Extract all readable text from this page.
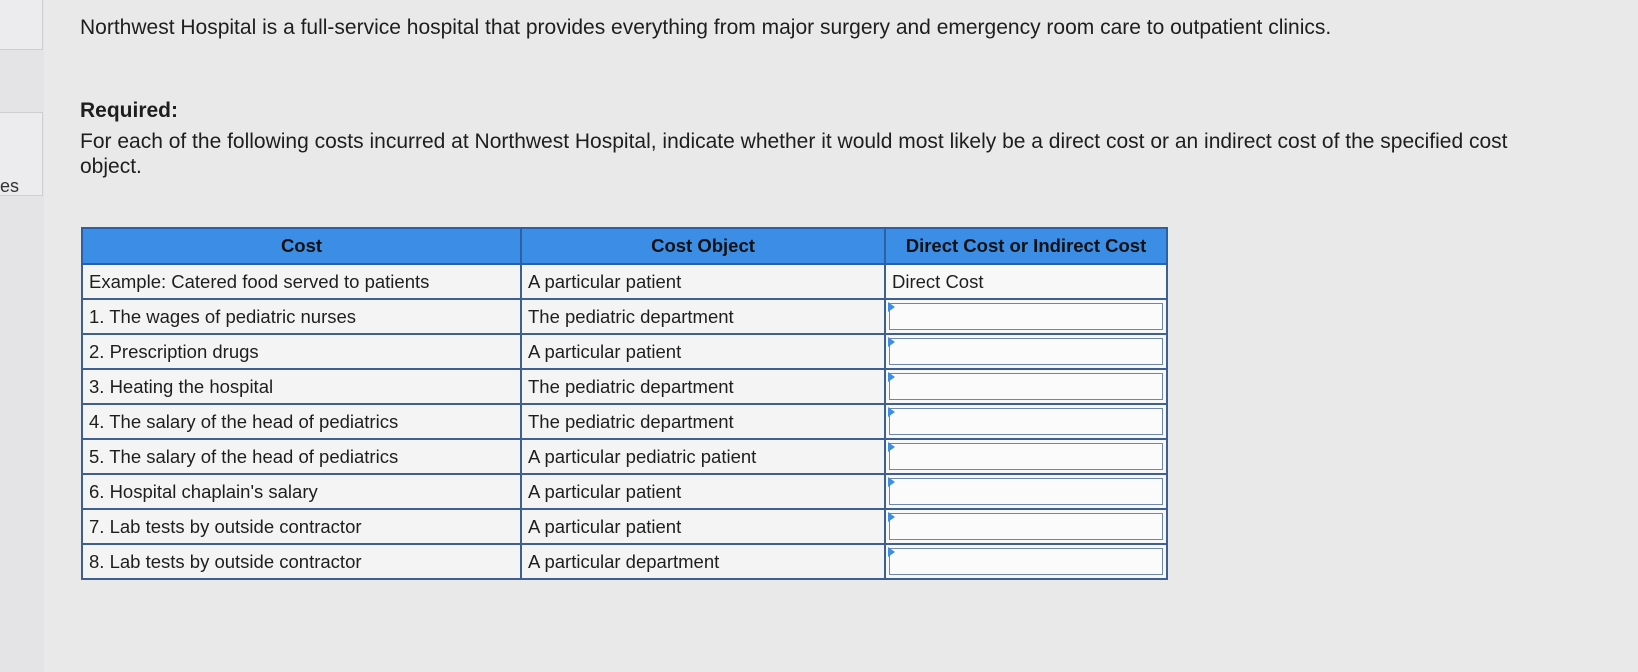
es
Northwest Hospital is a full-service hospital that provides everything from major surgery and emergency room care to outpatient clinics.
Required:
For each of the following costs incurred at Northwest Hospital, indicate whether it would most likely be a direct cost or an indirect cost of the specified cost object.
Cost	Cost Object	Direct Cost or Indirect Cost
Example: Catered food served to patients	A particular patient	Direct Cost
1. The wages of pediatric nurses	The pediatric department	

2. Prescription drugs	A particular patient	

3. Heating the hospital	The pediatric department	

4. The salary of the head of pediatrics	The pediatric department	

5. The salary of the head of pediatrics	A particular pediatric patient	

6. Hospital chaplain's salary	A particular patient	

7. Lab tests by outside contractor	A particular patient	

8. Lab tests by outside contractor	A particular department	
